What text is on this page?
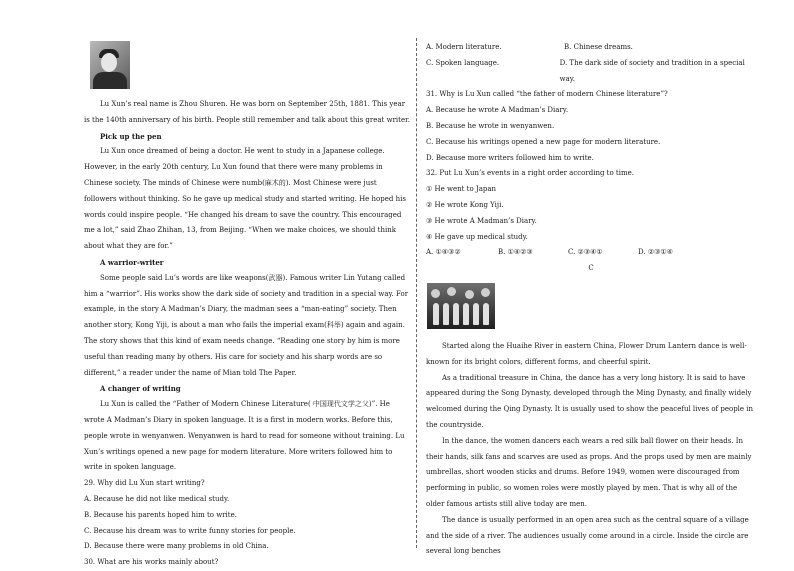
Lu Xun’s real name is Zhou Shuren. He was born on September 25th, 1881. This year is the 140th anniversary of his birth. People still remember and talk about this great writer.

Pick up the pen

Lu Xun once dreamed of being a doctor. He went to study in a Japanese college. However, in the early 20th century, Lu Xun found that there were many problems in Chinese society. The minds of Chinese were numb(麻木的). Most Chinese were just followers without thinking. So he gave up medical study and started writing. He hoped his words could inspire people. “He changed his dream to save the country. This encouraged me a lot,” said Zhao Zhihan, 13, from Beijing. “When we make choices, we should think about what they are for.”

A warrior-writer

Some people said Lu’s words are like weapons(武器). Famous writer Lin Yutang called him a “warrior”. His works show the dark side of society and tradition in a special way. For example, in the story A Madman’s Diary, the madman sees a “man-eating” society. Then another story, Kong Yiji, is about a man who fails the imperial exam(科举) again and again. The story shows that this kind of exam needs change. “Reading one story by him is more useful than reading many by others. His care for society and his sharp words are so different,” a reader under the name of Mian told The Paper.

A changer of writing

Lu Xun is called the “Father of Modern Chinese Literature( 中国现代文学之父)”. He wrote A Madman’s Diary in spoken language. It is a first in modern works. Before this, people wrote in wenyanwen. Wenyanwen is hard to read for someone without training. Lu Xun’s writings opened a new page for modern literature. More writers followed him to write in spoken language.

29. Why did Lu Xun start writing?

A. Because he did not like medical study.

B. Because his parents hoped him to write.

C. Because his dream was to write funny stories for people.

D. Because there were many problems in old China.

30. What are his works mainly about?

A. Modern literature.	B. Chinese dreams.
C. Spoken language.	D. The dark side of society and tradition in a special way.

31. Why is Lu Xun called “the father of modern Chinese literature”?

A. Because he wrote A Madman’s Diary.

B. Because he wrote in wenyanwen.

C. Because his writings opened a new page for modern literature.

D. Because more writers followed him to write.

32. Put Lu Xun’s events in a right order according to time.

① He went to Japan

② He wrote Kong Yiji.

③ He wrote A Madman’s Diary.

④ He gave up medical study.

A. ①④③②	B. ①④②③	C. ②③④①	D. ②③①④

C

Started along the Huaihe River in eastern China, Flower Drum Lantern dance is well-known for its bright colors, different forms, and cheerful spirit.

As a traditional treasure in China, the dance has a very long history. It is said to have appeared during the Song Dynasty, developed through the Ming Dynasty, and finally widely welcomed during the Qing Dynasty. It is usually used to show the peaceful lives of people in the countryside.

In the dance, the women dancers each wears a red silk ball flower on their heads. In their hands, silk fans and scarves are used as props. And the props used by men are mainly umbrellas, short wooden sticks and drums. Before 1949, women were discouraged from performing in public, so women roles were mostly played by men. That is why all of the older famous artists still alive today are men.

The dance is usually performed in an open area such as the central square of a village and the side of a river. The audiences usually come around in a circle. Inside the circle are several long benches
